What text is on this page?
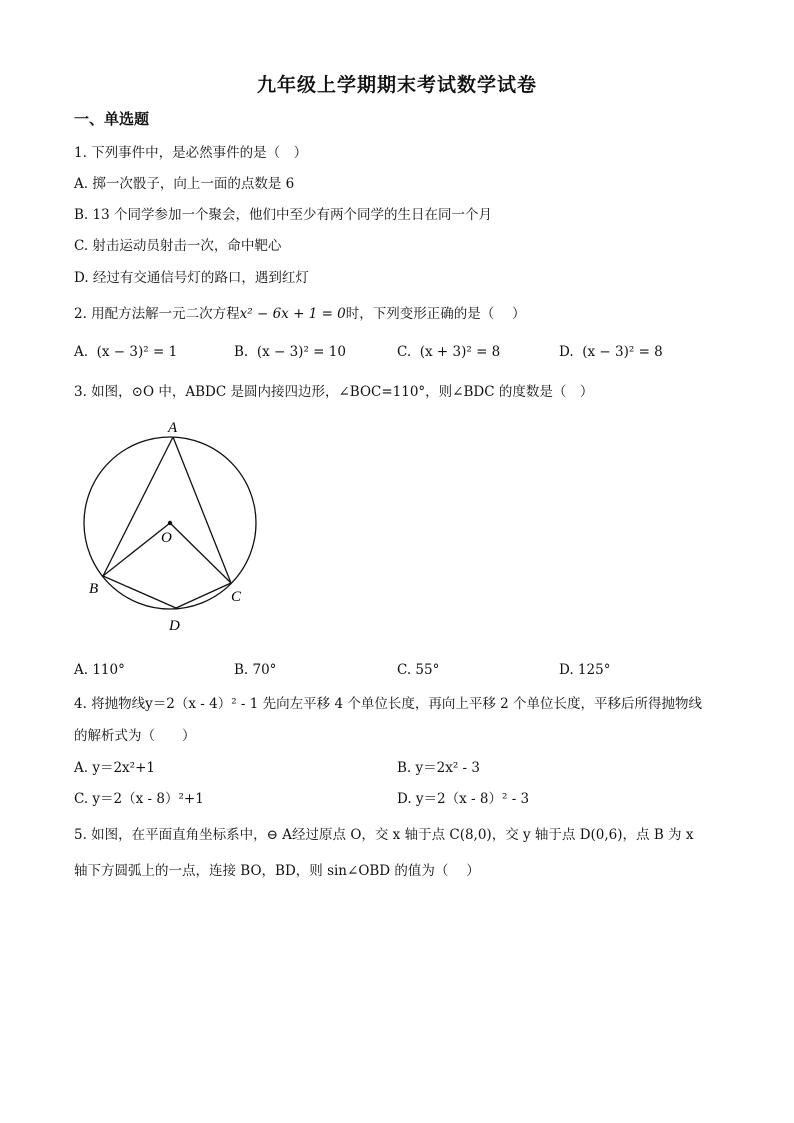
九年级上学期期末考试数学试卷
一、单选题
1. 下列事件中，是必然事件的是（　）
A. 掷一次骰子，向上一面的点数是 6
B. 13 个同学参加一个聚会，他们中至少有两个同学的生日在同一个月
C. 射击运动员射击一次，命中靶心
D. 经过有交通信号灯的路口，遇到红灯
2. 用配方法解一元二次方程x² − 6x + 1 = 0时，下列变形正确的是（　 ）
A. (x − 3)² = 1	B. (x − 3)² = 10	C. (x + 3)² = 8	D. (x − 3)² = 8
3. 如图，⊙O 中，ABDC 是圆内接四边形，∠BOC=110°，则∠BDC 的度数是（　）
A
O
B	C
D
A. 110°	B. 70°	C. 55°	D. 125°
4. 将抛物线y＝2（x - 4）² - 1 先向左平移 4 个单位长度，再向上平移 2 个单位长度，平移后所得抛物线
的解析式为（　　）
A. y＝2x²+1	B. y＝2x² - 3
C. y＝2（x - 8）²+1	D. y＝2（x - 8）² - 3
5. 如图，在平面直角坐标系中，⊖ A经过原点 O，交 x 轴于点 C(8,0)，交 y 轴于点 D(0,6)，点 B 为 x
轴下方圆弧上的一点，连接 BO，BD，则 sin∠OBD 的值为（　 ）
